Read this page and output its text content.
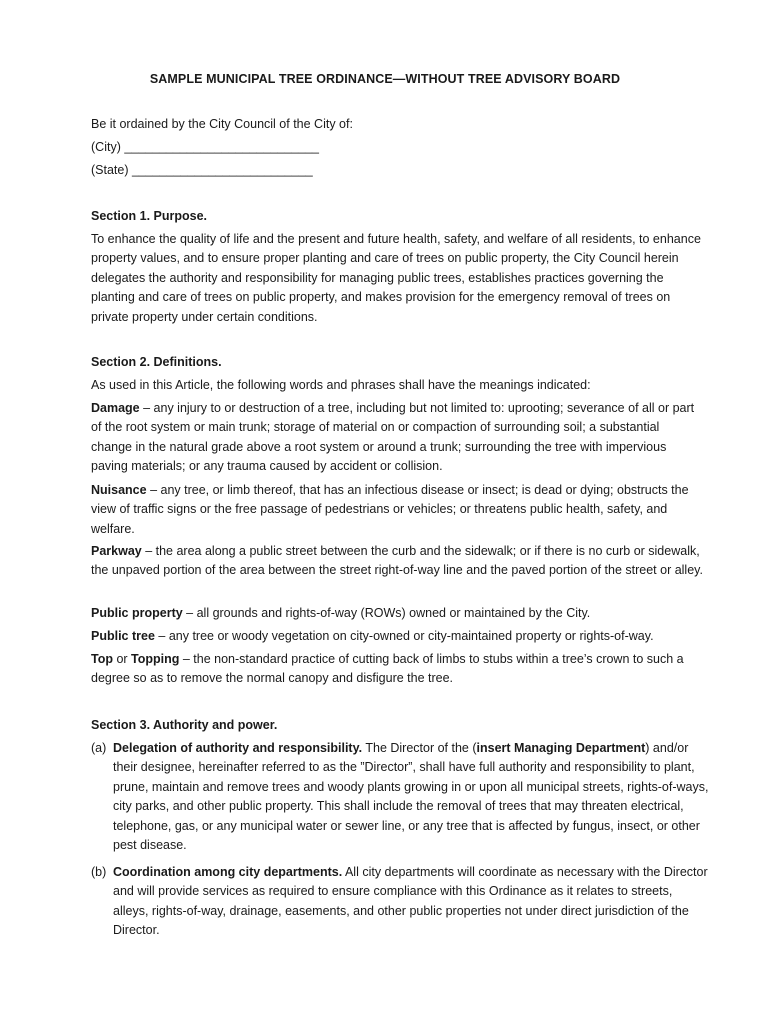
SAMPLE MUNICIPAL TREE ORDINANCE—WITHOUT TREE ADVISORY BOARD

Be it ordained by the City Council of the City of:

(City) ____________________________

(State) __________________________

Section 1. Purpose.

To enhance the quality of life and the present and future health, safety, and welfare of all residents, to enhance property values, and to ensure proper planting and care of trees on public property, the City Council herein delegates the authority and responsibility for managing public trees, establishes practices governing the planting and care of trees on public property, and makes provision for the emergency removal of trees on private property under certain conditions.

Section 2. Definitions.

As used in this Article, the following words and phrases shall have the meanings indicated:

Damage – any injury to or destruction of a tree, including but not limited to: uprooting; severance of all or part of the root system or main trunk; storage of material on or compaction of surrounding soil; a substantial change in the natural grade above a root system or around a trunk; surrounding the tree with impervious paving materials; or any trauma caused by accident or collision.

Nuisance – any tree, or limb thereof, that has an infectious disease or insect; is dead or dying; obstructs the view of traffic signs or the free passage of pedestrians or vehicles; or threatens public health, safety, and welfare.

Parkway – the area along a public street between the curb and the sidewalk; or if there is no curb or sidewalk, the unpaved portion of the area between the street right-of-way line and the paved portion of the street or alley.

Public property – all grounds and rights-of-way (ROWs) owned or maintained by the City.

Public tree – any tree or woody vegetation on city-owned or city-maintained property or rights-of-way.

Top or Topping – the non-standard practice of cutting back of limbs to stubs within a tree’s crown to such a degree so as to remove the normal canopy and disfigure the tree.

Section 3. Authority and power.
(a) Delegation of authority and responsibility. The Director of the (insert Managing Department) and/or their designee, hereinafter referred to as the ”Director”, shall have full authority and responsibility to plant, prune, maintain and remove trees and woody plants growing in or upon all municipal streets, rights-of-ways, city parks, and other public property. This shall include the removal of trees that may threaten electrical, telephone, gas, or any municipal water or sewer line, or any tree that is affected by fungus, insect, or other pest disease.
(b) Coordination among city departments. All city departments will coordinate as necessary with the Director and will provide services as required to ensure compliance with this Ordinance as it relates to streets, alleys, rights-of-way, drainage, easements, and other public properties not under direct jurisdiction of the Director.
